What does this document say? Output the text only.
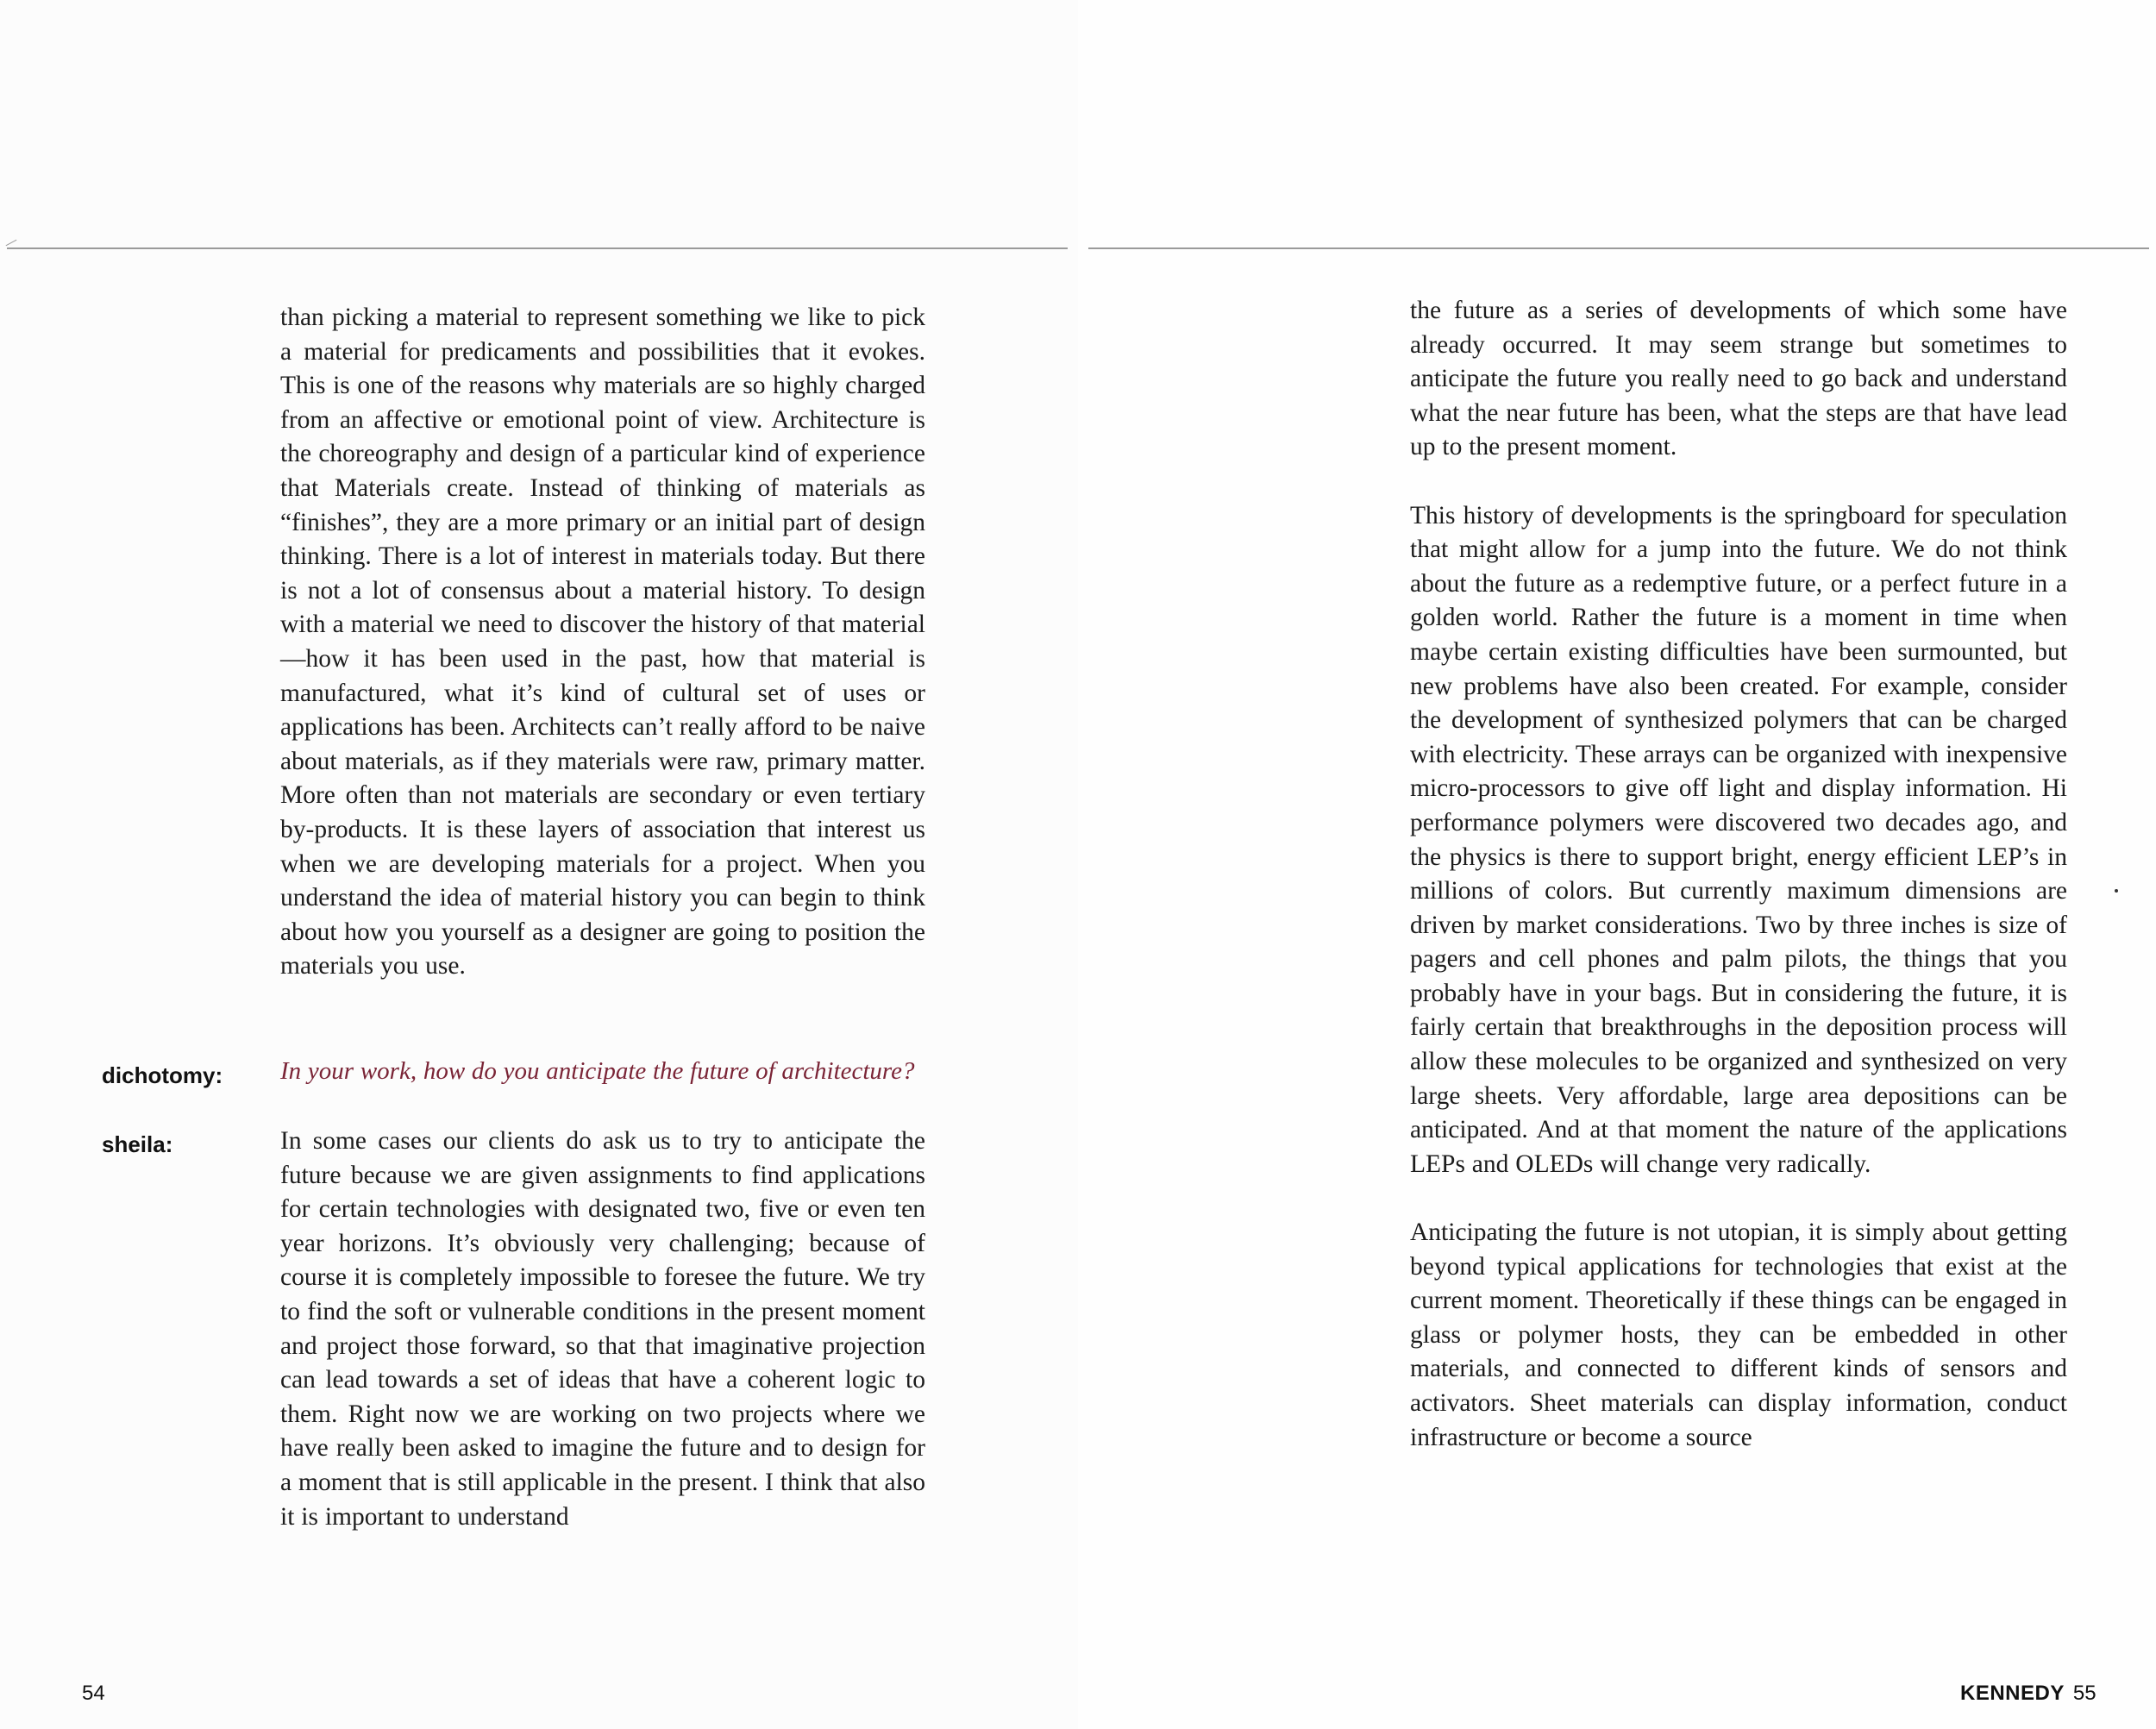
than picking a material to represent something we like to pick a material for predicaments and possibilities that it evokes. This is one of the reasons why materials are so highly charged from an affective or emotional point of view. Architecture is the choreography and design of a particular kind of experience that Materials create. Instead of thinking of materials as “finishes”, they are a more primary or an initial part of design thinking. There is a lot of interest in materials today. But there is not a lot of consensus about a material history. To design with a material we need to discover the history of that material—how it has been used in the past, how that material is manufactured, what it’s kind of cultural set of uses or applications has been. Architects can’t really afford to be naive about materials, as if they materials were raw, primary matter. More often than not materials are secondary or even tertiary by-products. It is these layers of association that interest us when we are developing materials for a project. When you understand the idea of material history you can begin to think about how you yourself as a designer are going to position the materials you use.

dichotomy: In your work, how do you anticipate the future of architecture?

sheila:	In some cases our clients do ask us to try to anticipate the future because we are given assignments to find applications for certain technologies with designated two, five or even ten year horizons. It’s obviously very challenging; because of course it is completely impossible to foresee the future. We try to find the soft or vulnerable conditions in the present moment and project those forward, so that that imaginative projection can lead towards a set of ideas that have a coherent logic to them. Right now we are working on two projects where we have really been asked to imagine the future and to design for a moment that is still applicable in the present. I think that also it is important to understand

54

the future as a series of developments of which some have already occurred. It may seem strange but sometimes to anticipate the future you really need to go back and understand what the near future has been, what the steps are that have lead up to the present moment.

This history of developments is the springboard for speculation that might allow for a jump into the future. We do not think about the future as a redemptive future, or a perfect future in a golden world. Rather the future is a moment in time when maybe certain existing difficulties have been surmounted, but new problems have also been created. For example, consider the development of synthesized polymers that can be charged with electricity. These arrays can be organized with inexpensive micro-processors to give off light and display information. Hi performance polymers were discovered two decades ago, and the physics is there to support bright, energy efficient LEP’s in millions of colors. But currently maximum dimensions are driven by market considerations. Two by three inches is size of pagers and cell phones and palm pilots, the things that you probably have in your bags. But in considering the future, it is fairly certain that breakthroughs in the deposition process will allow these molecules to be organized and synthesized on very large sheets. Very affordable, large area depositions can be anticipated. And at that moment the nature of the applications LEPs and OLEDs will change very radically.

Anticipating the future is not utopian, it is simply about getting beyond typical applications for technologies that exist at the current moment. Theoretically if these things can be engaged in glass or polymer hosts, they can be embedded in other materials, and connected to different kinds of sensors and activators. Sheet materials can display information, conduct infrastructure or become a source

KENNEDY 55
